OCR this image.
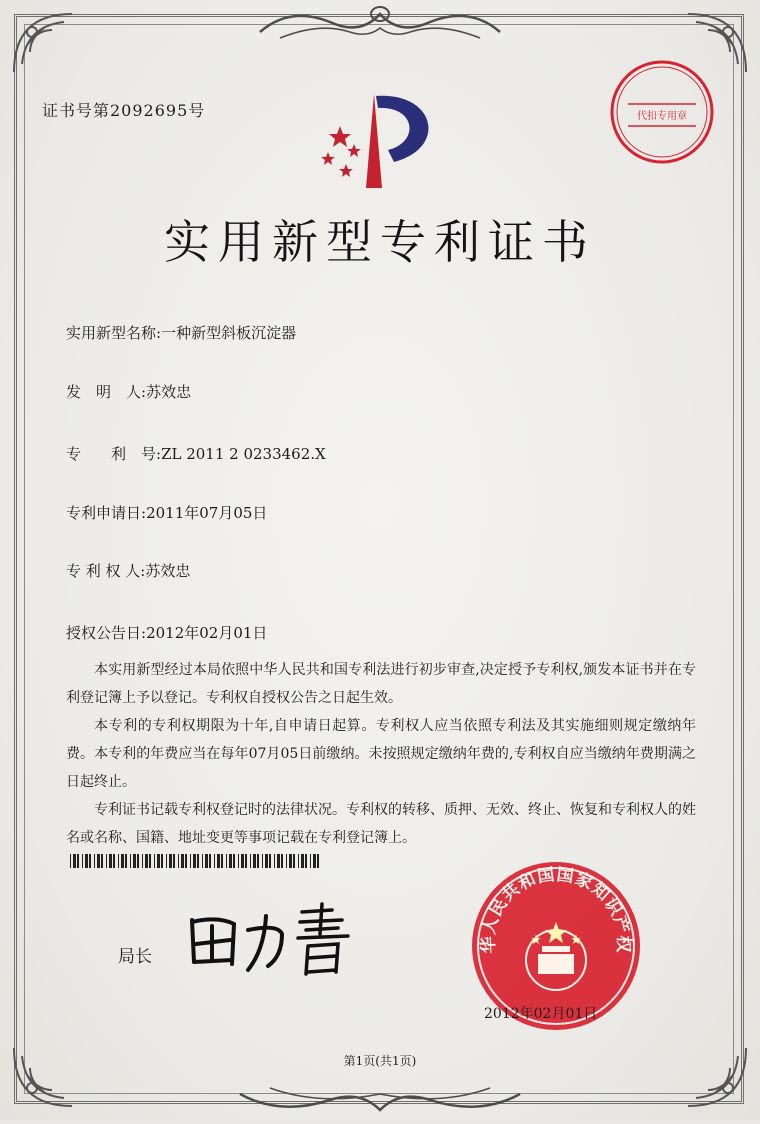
证书号第2092695号	代扣专用章
实用新型专利证书
实用新型名称:一种新型斜板沉淀器
发　明　人:苏效忠
专　　利　号:ZL 2011 2 0233462.X
专利申请日:2011年07月05日
专 利 权 人:苏效忠
授权公告日:2012年02月01日

本实用新型经过本局依照中华人民共和国专利法进行初步审查,决定授予专利权,颁发本证书并在专利登记簿上予以登记。专利权自授权公告之日起生效。

本专利的专利权期限为十年,自申请日起算。专利权人应当依照专利法及其实施细则规定缴纳年费。本专利的年费应当在每年07月05日前缴纳。未按照规定缴纳年费的,专利权自应当缴纳年费期满之日起终止。

专利证书记载专利权登记时的法律状况。专利权的转移、质押、无效、终止、恢复和专利权人的姓名或名称、国籍、地址变更等事项记载在专利登记簿上。

局长
华人民共和国国家知识产权
2012年02月01日
第1页(共1页)
